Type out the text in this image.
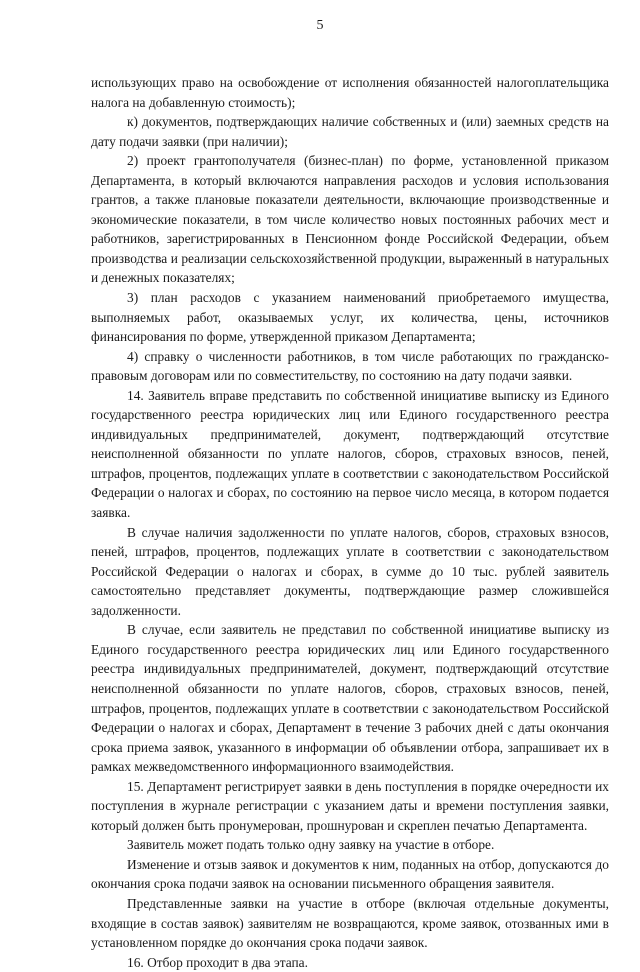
5

использующих право на освобождение от исполнения обязанностей налогоплательщика налога на добавленную стоимость);

к) документов, подтверждающих наличие собственных и (или) заемных средств на дату подачи заявки (при наличии);

2) проект грантополучателя (бизнес-план) по форме, установленной приказом Департамента, в который включаются направления расходов и условия использования грантов, а также плановые показатели деятельности, включающие производственные и экономические показатели, в том числе количество новых постоянных рабочих мест и работников, зарегистрированных в Пенсионном фонде Российской Федерации, объем производства и реализации сельскохозяйственной продукции, выраженный в натуральных и денежных показателях;

3) план расходов с указанием наименований приобретаемого имущества, выполняемых работ, оказываемых услуг, их количества, цены, источников финансирования по форме, утвержденной приказом Департамента;

4) справку о численности работников, в том числе работающих по гражданско-правовым договорам или по совместительству, по состоянию на дату подачи заявки.

14. Заявитель вправе представить по собственной инициативе выписку из Единого государственного реестра юридических лиц или Единого государственного реестра индивидуальных предпринимателей, документ, подтверждающий отсутствие неисполненной обязанности по уплате налогов, сборов, страховых взносов, пеней, штрафов, процентов, подлежащих уплате в соответствии с законодательством Российской Федерации о налогах и сборах, по состоянию на первое число месяца, в котором подается заявка.

В случае наличия задолженности по уплате налогов, сборов, страховых взносов, пеней, штрафов, процентов, подлежащих уплате в соответствии с законодательством Российской Федерации о налогах и сборах, в сумме до 10 тыс. рублей заявитель самостоятельно представляет документы, подтверждающие размер сложившейся задолженности.

В случае, если заявитель не представил по собственной инициативе выписку из Единого государственного реестра юридических лиц или Единого государственного реестра индивидуальных предпринимателей, документ, подтверждающий отсутствие неисполненной обязанности по уплате налогов, сборов, страховых взносов, пеней, штрафов, процентов, подлежащих уплате в соответствии с законодательством Российской Федерации о налогах и сборах, Департамент в течение 3 рабочих дней с даты окончания срока приема заявок, указанного в информации об объявлении отбора, запрашивает их в рамках межведомственного информационного взаимодействия.

15. Департамент регистрирует заявки в день поступления в порядке очередности их поступления в журнале регистрации с указанием даты и времени поступления заявки, который должен быть пронумерован, прошнурован и скреплен печатью Департамента.

Заявитель может подать только одну заявку на участие в отборе.

Изменение и отзыв заявок и документов к ним, поданных на отбор, допускаются до окончания срока подачи заявок на основании письменного обращения заявителя.

Представленные заявки на участие в отборе (включая отдельные документы, входящие в состав заявок) заявителям не возвращаются, кроме заявок, отозванных ими в установленном порядке до окончания срока подачи заявок.

16. Отбор проходит в два этапа.
